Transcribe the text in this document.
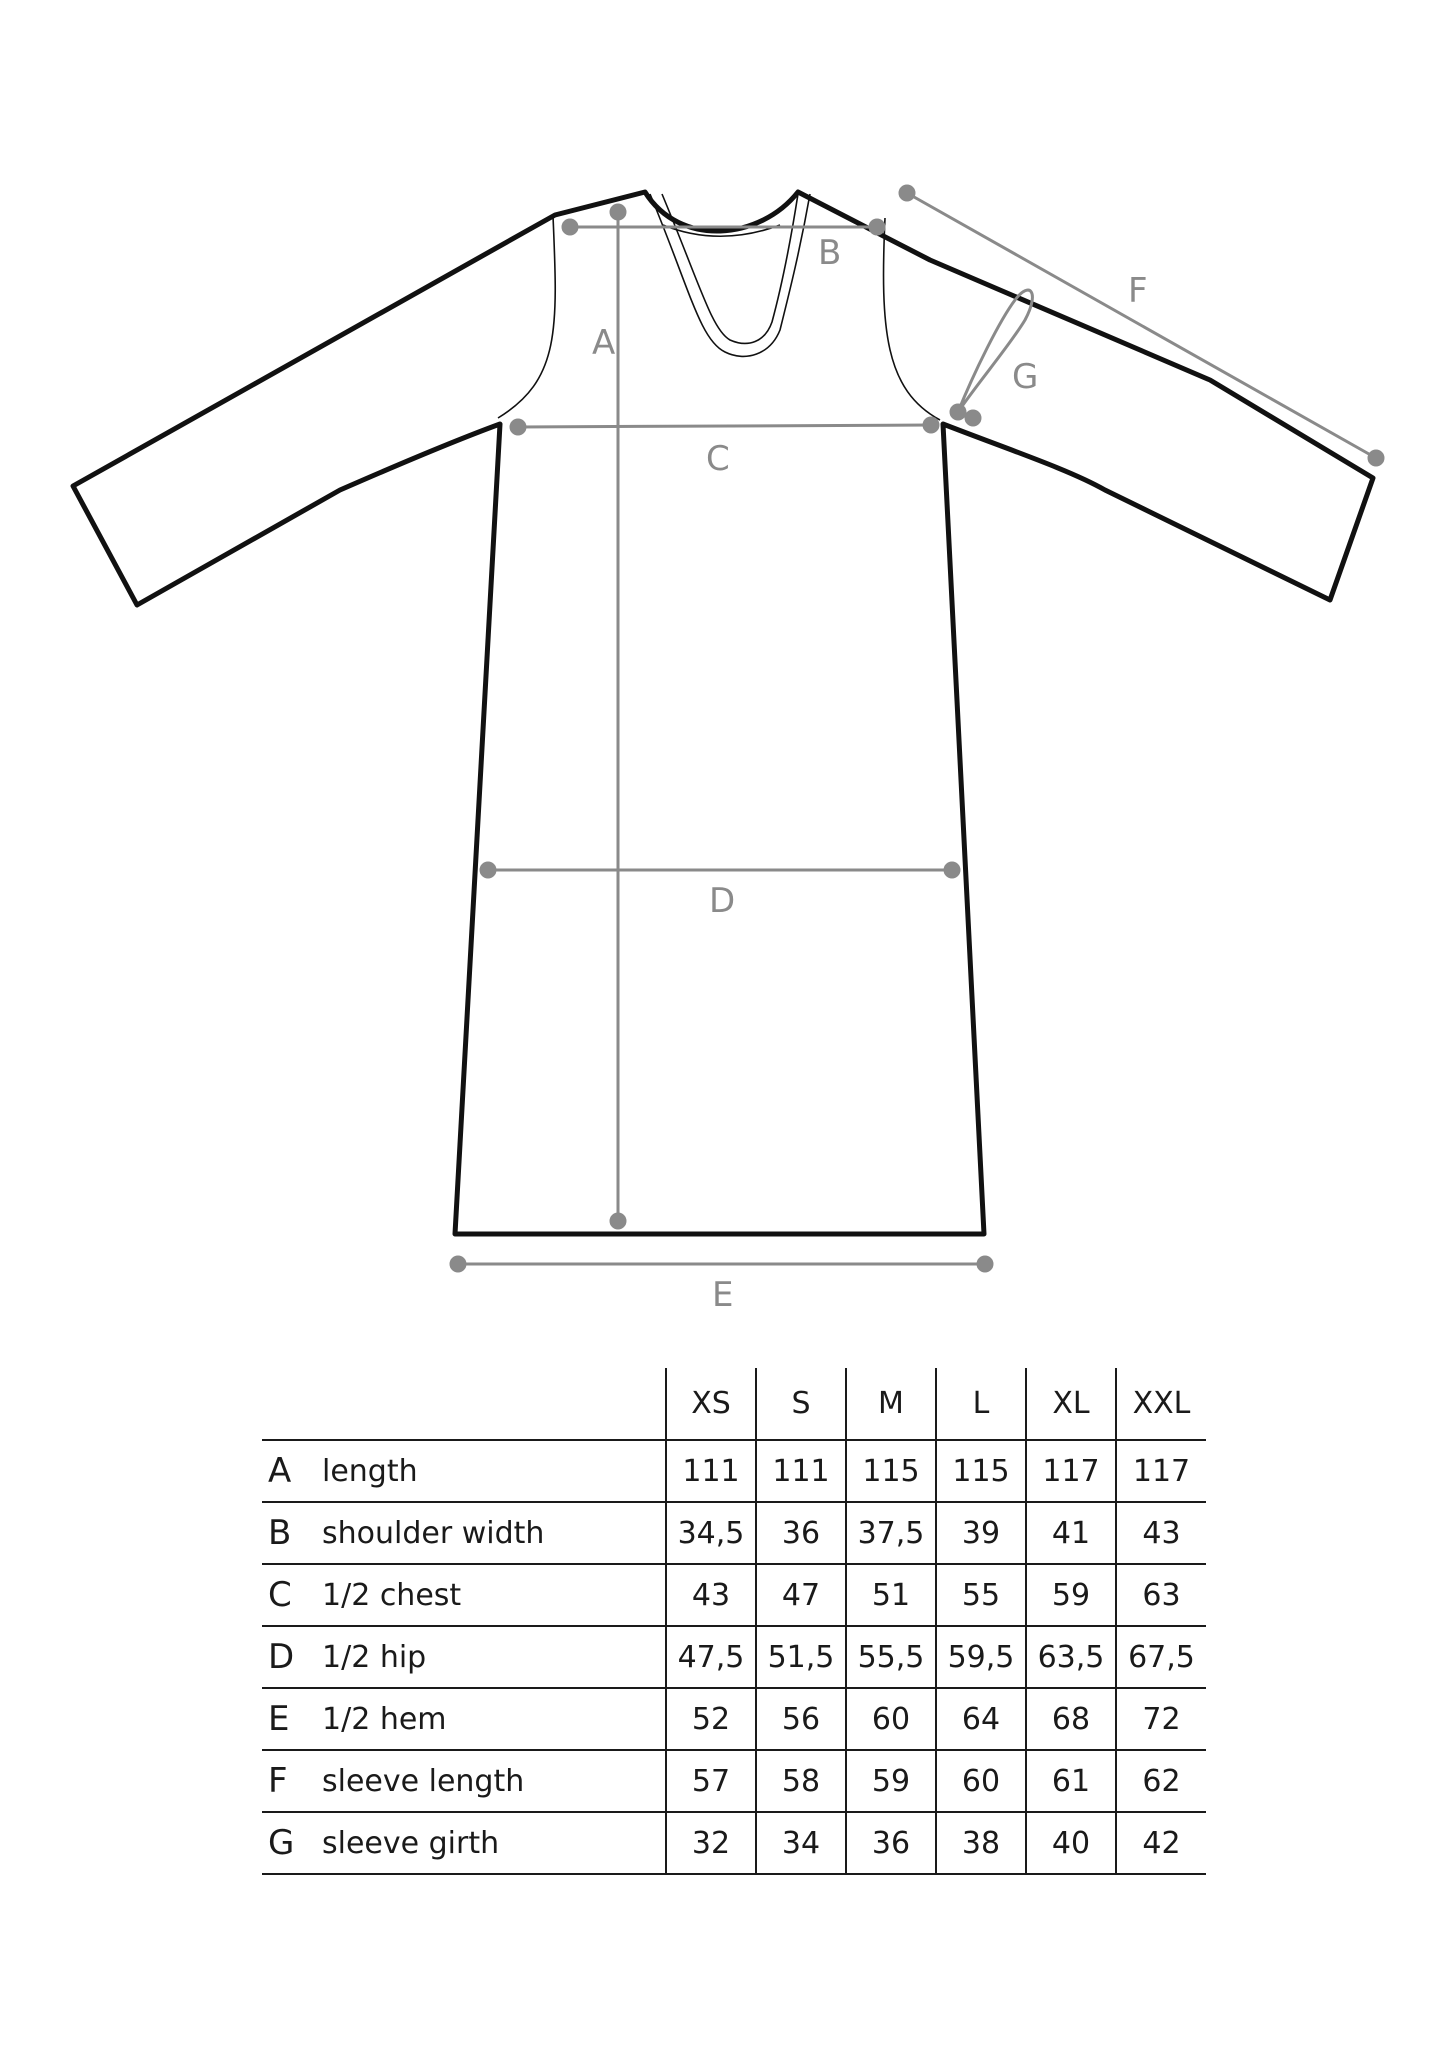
A
B
C
D
E
F
G
		XS	S	M	L	XL	XXL
A	length	111	111	115	115	117	117
B	shoulder width	34,5	36	37,5	39	41	43
C	1/2 chest	43	47	51	55	59	63
D	1/2 hip	47,5	51,5	55,5	59,5	63,5	67,5
E	1/2 hem	52	56	60	64	68	72
F	sleeve length	57	58	59	60	61	62
G	sleeve girth	32	34	36	38	40	42
